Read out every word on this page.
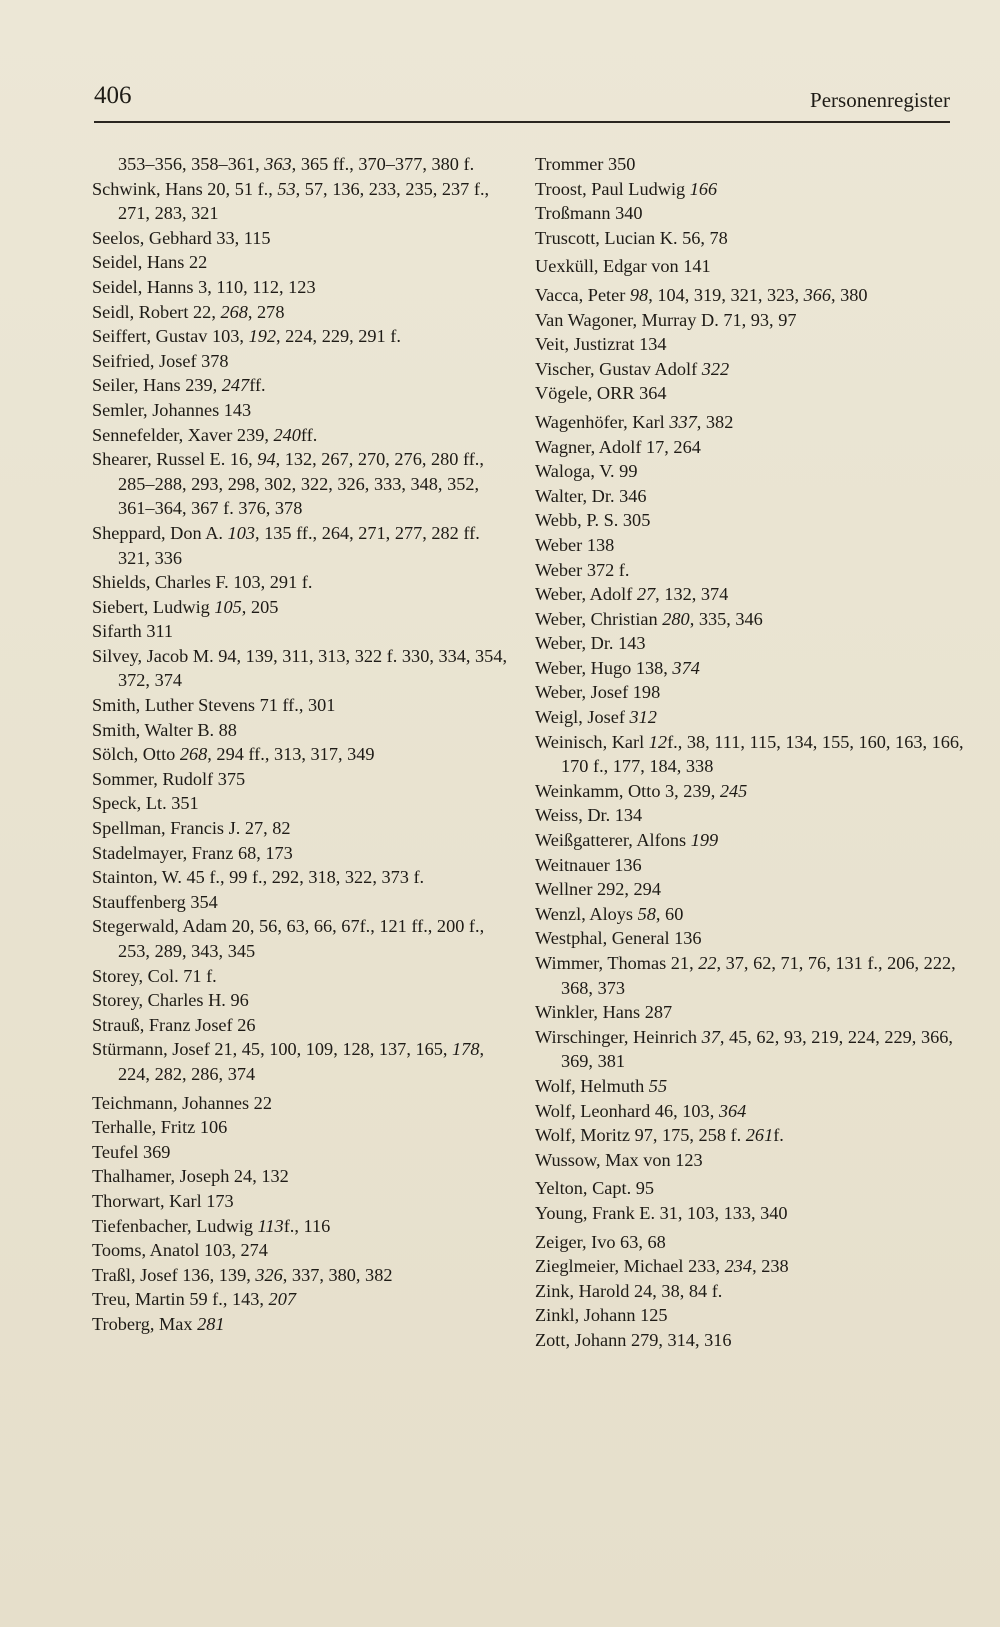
406	Personenregister
353–356, 358–361, 363, 365 ff., 370–377, 380 f.
Schwink, Hans 20, 51 f., 53, 57, 136, 233, 235, 237 f., 271, 283, 321
Seelos, Gebhard 33, 115
Seidel, Hans 22
Seidel, Hanns 3, 110, 112, 123
Seidl, Robert 22, 268, 278
Seiffert, Gustav 103, 192, 224, 229, 291 f.
Seifried, Josef 378
Seiler, Hans 239, 247ff.
Semler, Johannes 143
Sennefelder, Xaver 239, 240ff.
Shearer, Russel E. 16, 94, 132, 267, 270, 276, 280 ff., 285–288, 293, 298, 302, 322, 326, 333, 348, 352, 361–364, 367 f. 376, 378
Sheppard, Don A. 103, 135 ff., 264, 271, 277, 282 ff. 321, 336
Shields, Charles F. 103, 291 f.
Siebert, Ludwig 105, 205
Sifarth 311
Silvey, Jacob M. 94, 139, 311, 313, 322 f. 330, 334, 354, 372, 374
Smith, Luther Stevens 71 ff., 301
Smith, Walter B. 88
Sölch, Otto 268, 294 ff., 313, 317, 349
Sommer, Rudolf 375
Speck, Lt. 351
Spellman, Francis J. 27, 82
Stadelmayer, Franz 68, 173
Stainton, W. 45 f., 99 f., 292, 318, 322, 373 f.
Stauffenberg 354
Stegerwald, Adam 20, 56, 63, 66, 67f., 121 ff., 200 f., 253, 289, 343, 345
Storey, Col. 71 f.
Storey, Charles H. 96
Strauß, Franz Josef 26
Stürmann, Josef 21, 45, 100, 109, 128, 137, 165, 178, 224, 282, 286, 374
Teichmann, Johannes 22
Terhalle, Fritz 106
Teufel 369
Thalhamer, Joseph 24, 132
Thorwart, Karl 173
Tiefenbacher, Ludwig 113f., 116
Tooms, Anatol 103, 274
Traßl, Josef 136, 139, 326, 337, 380, 382
Treu, Martin 59 f., 143, 207
Troberg, Max 281
Trommer 350
Troost, Paul Ludwig 166
Troßmann 340
Truscott, Lucian K. 56, 78
Uexküll, Edgar von 141
Vacca, Peter 98, 104, 319, 321, 323, 366, 380
Van Wagoner, Murray D. 71, 93, 97
Veit, Justizrat 134
Vischer, Gustav Adolf 322
Vögele, ORR 364
Wagenhöfer, Karl 337, 382
Wagner, Adolf 17, 264
Waloga, V. 99
Walter, Dr. 346
Webb, P. S. 305
Weber 138
Weber 372 f.
Weber, Adolf 27, 132, 374
Weber, Christian 280, 335, 346
Weber, Dr. 143
Weber, Hugo 138, 374
Weber, Josef 198
Weigl, Josef 312
Weinisch, Karl 12f., 38, 111, 115, 134, 155, 160, 163, 166, 170 f., 177, 184, 338
Weinkamm, Otto 3, 239, 245
Weiss, Dr. 134
Weißgatterer, Alfons 199
Weitnauer 136
Wellner 292, 294
Wenzl, Aloys 58, 60
Westphal, General 136
Wimmer, Thomas 21, 22, 37, 62, 71, 76, 131 f., 206, 222, 368, 373
Winkler, Hans 287
Wirschinger, Heinrich 37, 45, 62, 93, 219, 224, 229, 366, 369, 381
Wolf, Helmuth 55
Wolf, Leonhard 46, 103, 364
Wolf, Moritz 97, 175, 258 f. 261f.
Wussow, Max von 123
Yelton, Capt. 95
Young, Frank E. 31, 103, 133, 340
Zeiger, Ivo 63, 68
Zieglmeier, Michael 233, 234, 238
Zink, Harold 24, 38, 84 f.
Zinkl, Johann 125
Zott, Johann 279, 314, 316
